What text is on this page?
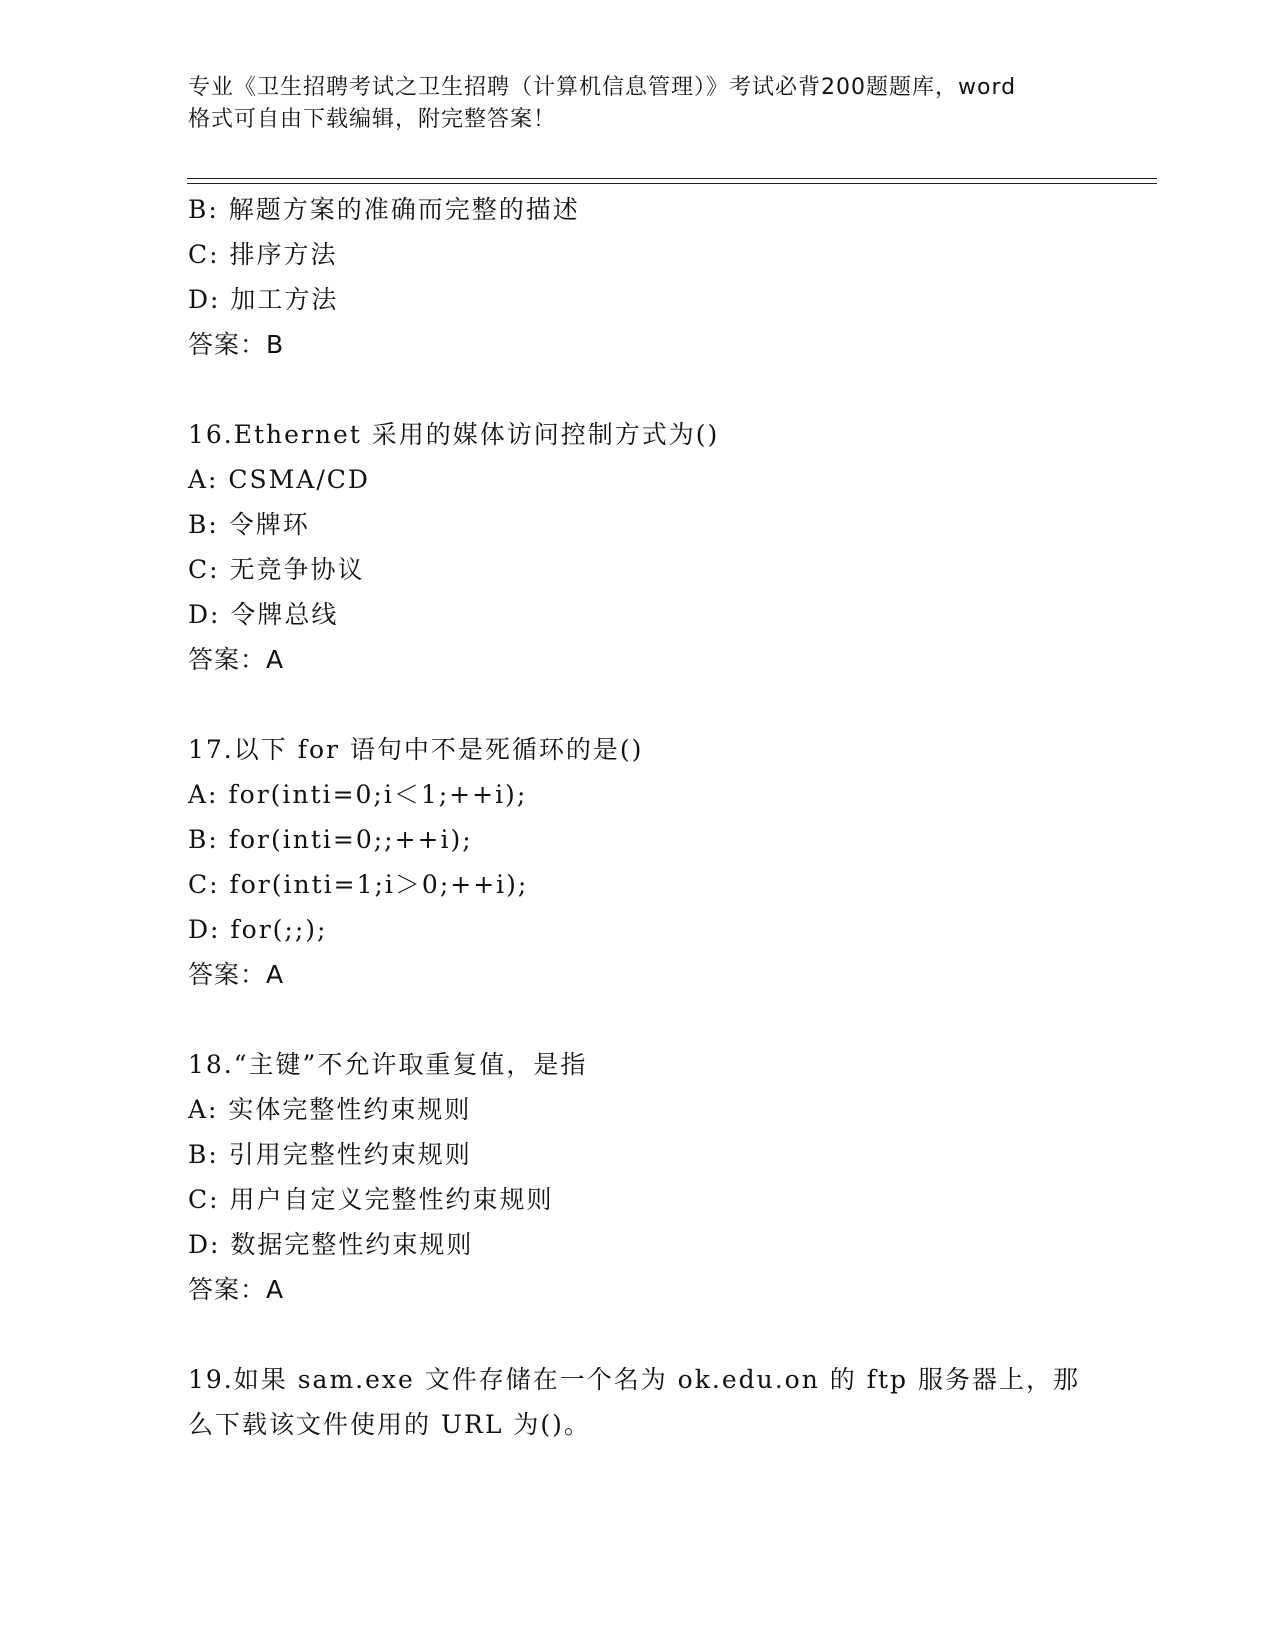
专业《卫生招聘考试之卫生招聘（计算机信息管理）》考试必背200题题库，word
格式可自由下载编辑，附完整答案！
B: 解题方案的准确而完整的描述
C: 排序方法
D: 加工方法
答案：B
16.Ethernet 采用的媒体访问控制方式为()
A: CSMA/CD
B: 令牌环
C: 无竞争协议
D: 令牌总线
答案：A
17.以下 for 语句中不是死循环的是()
A: for(inti=0;i＜1;++i);
B: for(inti=0;;++i);
C: for(inti=1;i＞0;++i);
D: for(;;);
答案：A
18.“主键”不允许取重复值，是指
A: 实体完整性约束规则
B: 引用完整性约束规则
C: 用户自定义完整性约束规则
D: 数据完整性约束规则
答案：A
19.如果 sam.exe 文件存储在一个名为 ok.edu.on 的 ftp 服务器上，那
么下载该文件使用的 URL 为()。
